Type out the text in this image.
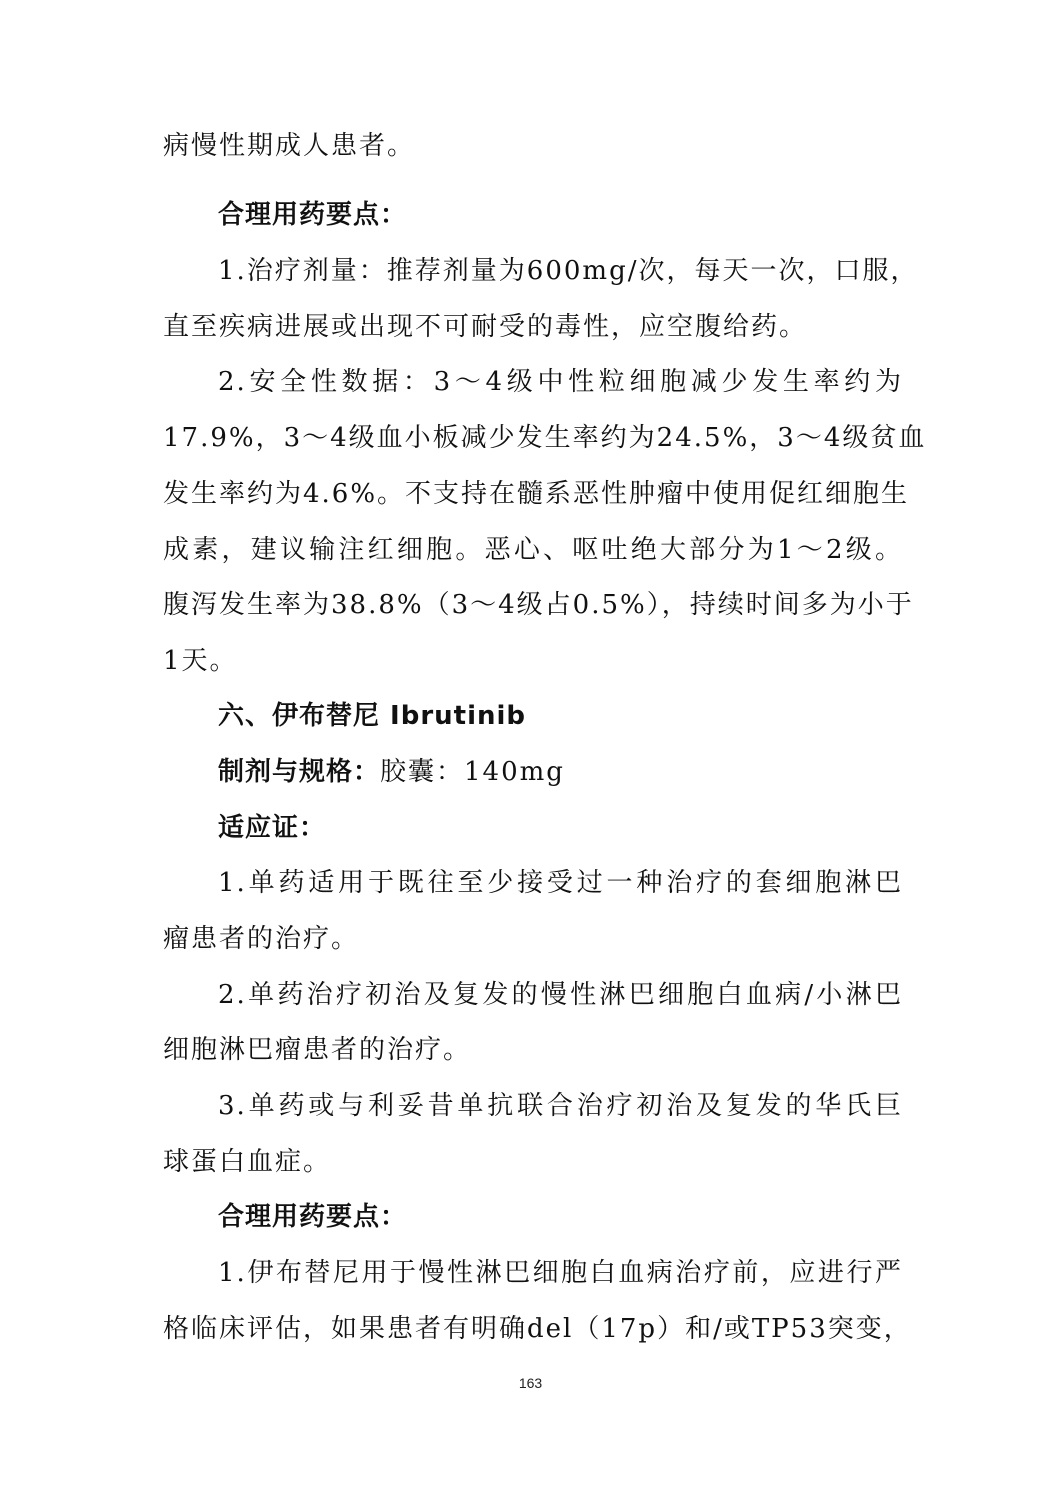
病慢性期成人患者。
合理用药要点：
1.治疗剂量：推荐剂量为600mg/次，每天一次，口服，
直至疾病进展或出现不可耐受的毒性，应空腹给药。
2.安全性数据：3～4级中性粒细胞减少发生率约为
17.9%，3～4级血小板减少发生率约为24.5%，3～4级贫血
发生率约为4.6%。不支持在髓系恶性肿瘤中使用促红细胞生
成素，建议输注红细胞。恶心、呕吐绝大部分为1～2级。
腹泻发生率为38.8%（3～4级占0.5%），持续时间多为小于
1天。
六、伊布替尼 Ibrutinib
制剂与规格：胶囊：140mg
适应证：
1.单药适用于既往至少接受过一种治疗的套细胞淋巴
瘤患者的治疗。
2.单药治疗初治及复发的慢性淋巴细胞白血病/小淋巴
细胞淋巴瘤患者的治疗。
3.单药或与利妥昔单抗联合治疗初治及复发的华氏巨
球蛋白血症。
合理用药要点：
1.伊布替尼用于慢性淋巴细胞白血病治疗前，应进行严
格临床评估，如果患者有明确del（17p）和/或TP53突变，
163
